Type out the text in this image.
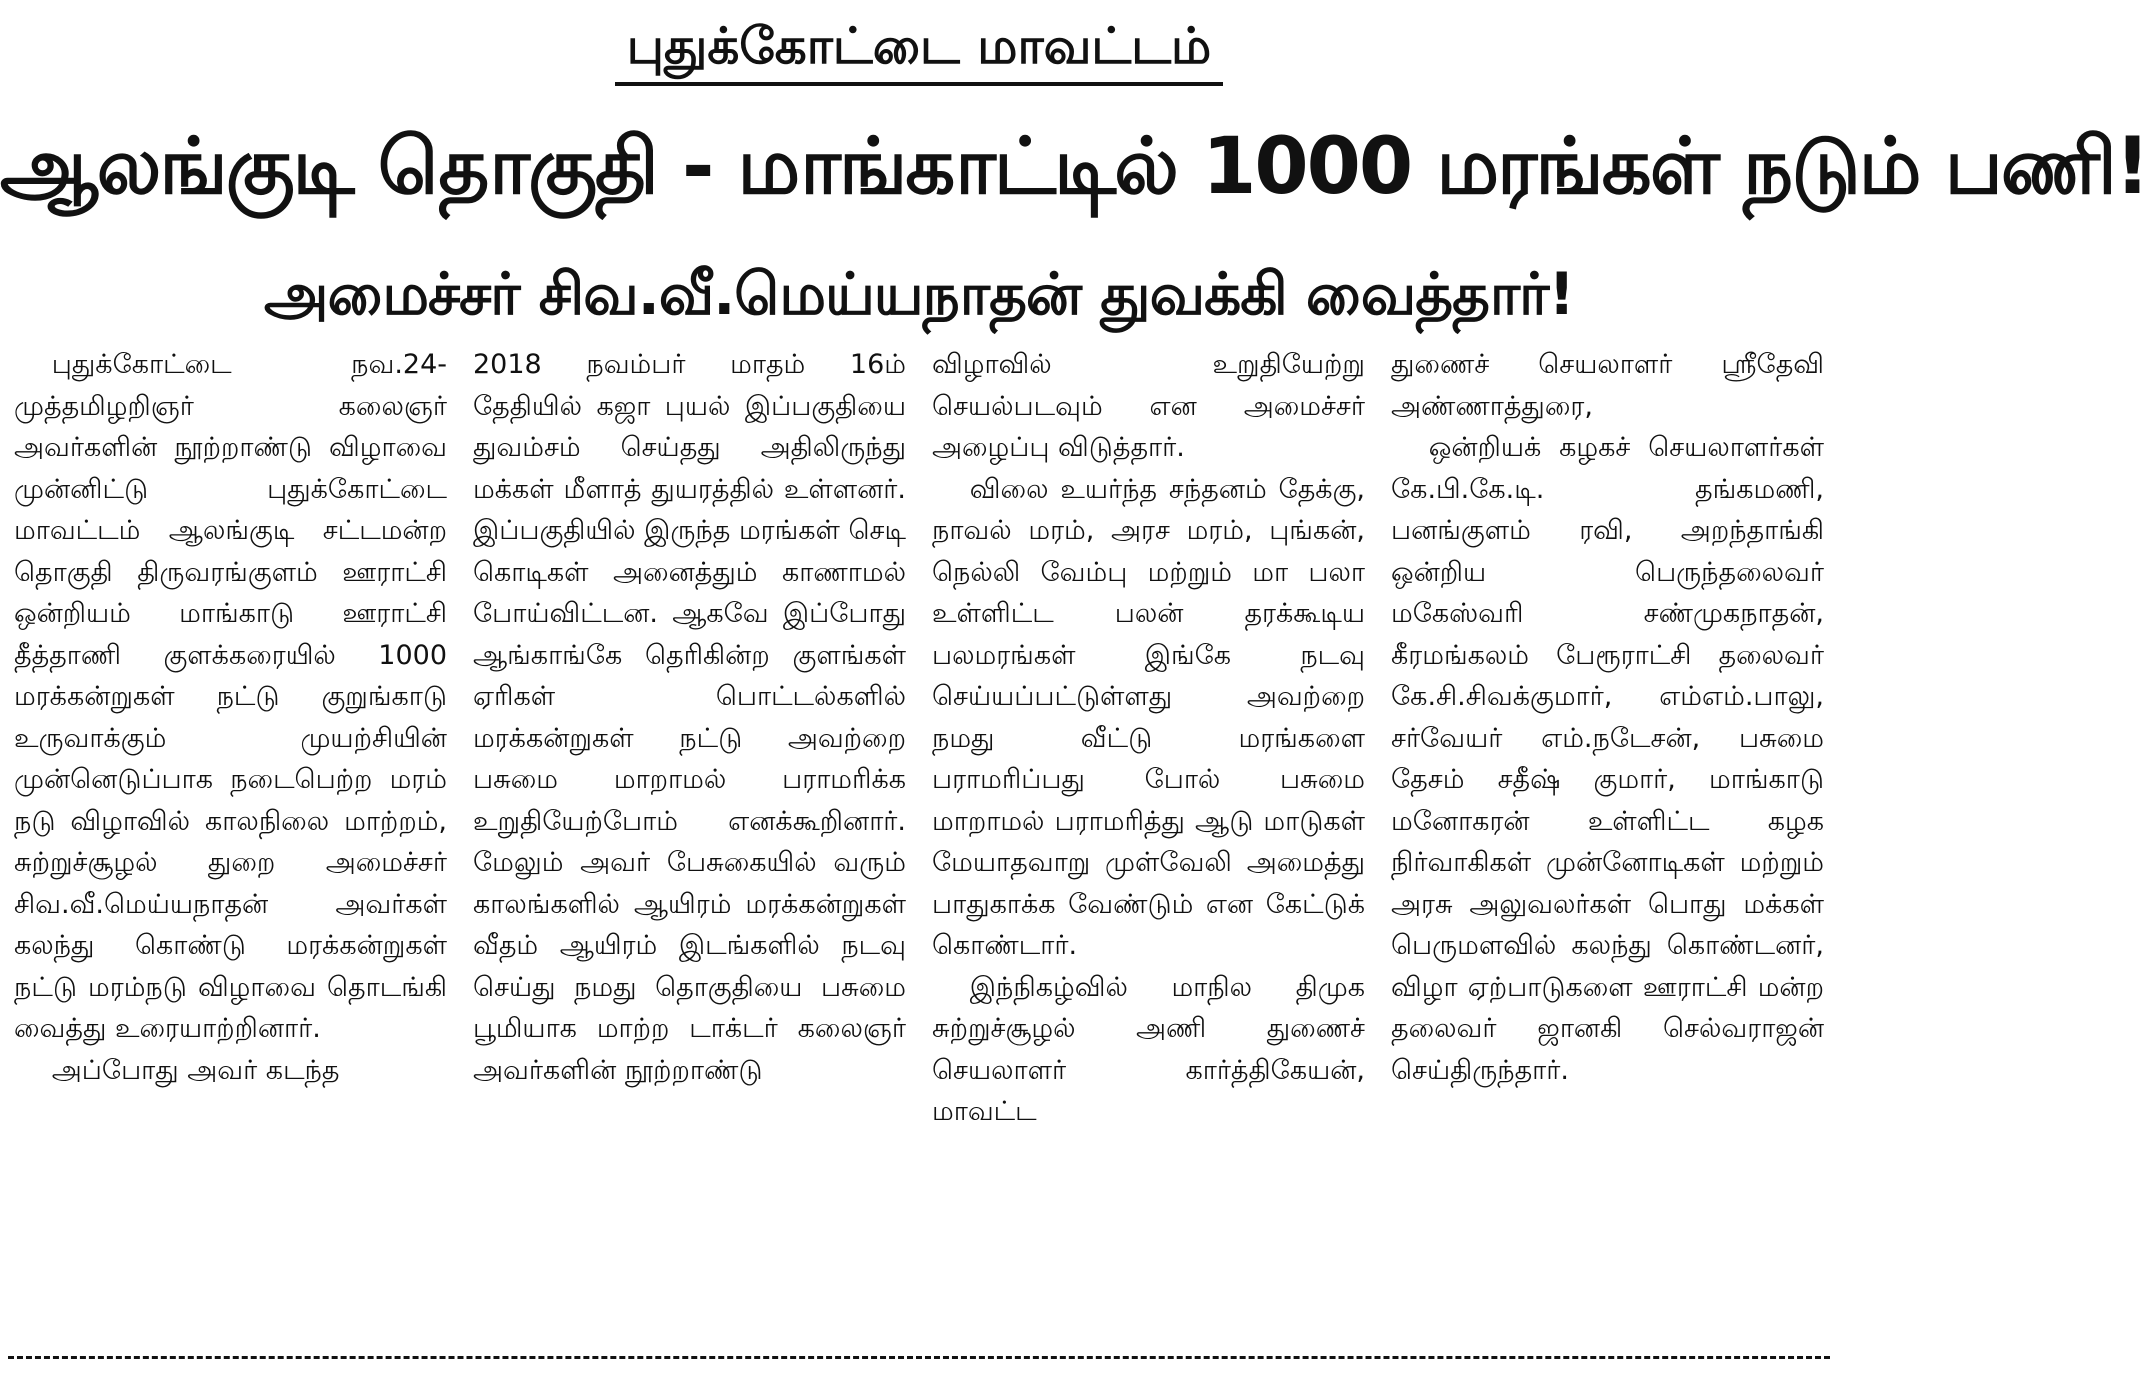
புதுக்கோட்டை மாவட்டம்
ஆலங்குடி தொகுதி - மாங்காட்டில் 1000 மரங்கள் நடும் பணி!
அமைச்சர் சிவ.வீ.மெய்யநாதன் துவக்கி வைத்தார்!

புதுக்கோட்டை நவ.24- முத்தமிழறிஞர் கலைஞர் அவர்களின் நூற்றாண்டு விழாவை முன்னிட்டு புதுக்கோட்டை மாவட்டம் ஆலங்குடி சட்டமன்ற தொகுதி திருவரங்குளம் ஊராட்சி ஒன்றியம் மாங்காடு ஊராட்சி தீத்தாணி குளக்கரையில் 1000 மரக்கன்றுகள் நட்டு குறுங்காடு உருவாக்கும் முயற்சியின் முன்னெடுப்பாக நடைபெற்ற மரம் நடு விழாவில் காலநிலை மாற்றம், சுற்றுச்சூழல் துறை அமைச்சர் சிவ.வீ.மெய்யநாதன் அவர்கள் கலந்து கொண்டு மரக்கன்றுகள் நட்டு மரம்நடு விழாவை தொடங்கி வைத்து உரையாற்றினார்.

அப்போது அவர் கடந்த

2018 நவம்பர் மாதம் 16ம் தேதியில் கஜா புயல் இப்பகுதியை துவம்சம் செய்தது அதிலிருந்து மக்கள் மீளாத் துயரத்தில் உள்ளனர். இப்பகுதியில் இருந்த மரங்கள் செடி கொடிகள் அனைத்தும் காணாமல் போய்விட்டன. ஆகவே இப்போது ஆங்காங்கே தெரிகின்ற குளங்கள் ஏரிகள் பொட்டல்களில் மரக்கன்றுகள் நட்டு அவற்றை பசுமை மாறாமல் பராமரிக்க உறுதியேற்போம் எனக்கூறினார். மேலும் அவர் பேசுகையில் வரும் காலங்களில் ஆயிரம் மரக்கன்றுகள் வீதம் ஆயிரம் இடங்களில் நடவு செய்து நமது தொகுதியை பசுமை பூமியாக மாற்ற டாக்டர் கலைஞர் அவர்களின் நூற்றாண்டு

விழாவில் உறுதியேற்று செயல்படவும் என அமைச்சர் அழைப்பு விடுத்தார்.

விலை உயர்ந்த சந்தனம் தேக்கு, நாவல் மரம், அரச மரம், புங்கன், நெல்லி வேம்பு மற்றும் மா பலா உள்ளிட்ட பலன் தரக்கூடிய பலமரங்கள் இங்கே நடவு செய்யப்பட்டுள்ளது அவற்றை நமது வீட்டு மரங்களை பராமரிப்பது போல் பசுமை மாறாமல் பராமரித்து ஆடு மாடுகள் மேயாதவாறு முள்வேலி அமைத்து பாதுகாக்க வேண்டும் என கேட்டுக் கொண்டார்.

இந்நிகழ்வில் மாநில திமுக சுற்றுச்சூழல் அணி துணைச் செயலாளர் கார்த்திகேயன், மாவட்ட

துணைச் செயலாளர் ஸ்ரீதேவி அண்ணாத்துரை,

ஒன்றியக் கழகச் செயலாளர்கள் கே.பி.கே.டி. தங்கமணி, பனங்குளம் ரவி, அறந்தாங்கி ஒன்றிய பெருந்தலைவர் மகேஸ்வரி சண்முகநாதன், கீரமங்கலம் பேரூராட்சி தலைவர் கே.சி.சிவக்குமார், எம்எம்.பாலு, சர்வேயர் எம்.நடேசன், பசுமை தேசம் சதீஷ் குமார், மாங்காடு மனோகரன் உள்ளிட்ட கழக நிர்வாகிகள் முன்னோடிகள் மற்றும் அரசு அலுவலர்கள் பொது மக்கள் பெருமளவில் கலந்து கொண்டனர், விழா ஏற்பாடுகளை ஊராட்சி மன்ற தலைவர் ஜானகி செல்வராஜன் செய்திருந்தார்.
